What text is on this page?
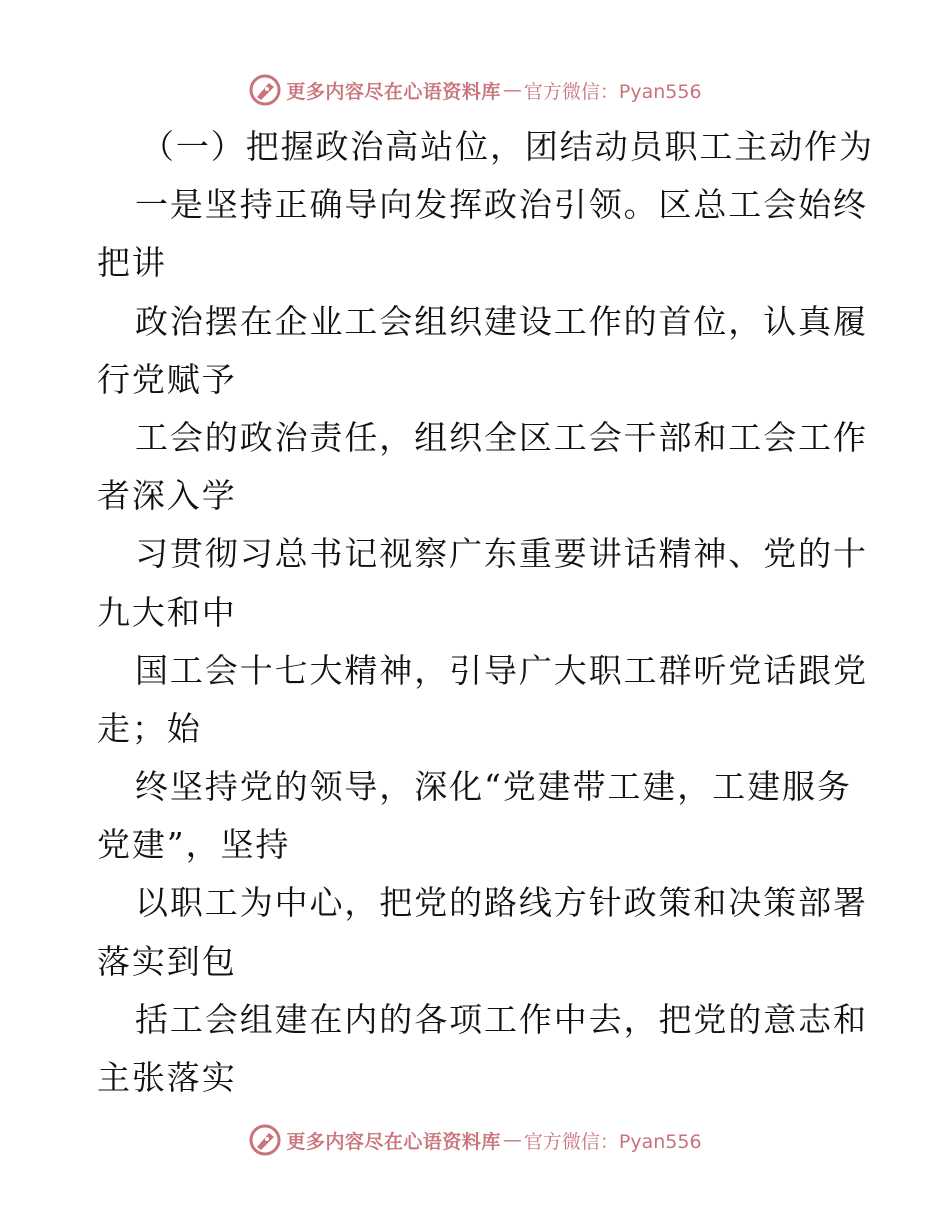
更多内容尽在心语资料库 — 官方微信：Pyan556
（一）把握政治高站位，团结动员职工主动作为
一是坚持正确导向发挥政治引领。区总工会始终
把讲
政治摆在企业工会组织建设工作的首位，认真履
行党赋予
工会的政治责任，组织全区工会干部和工会工作
者深入学
习贯彻习总书记视察广东重要讲话精神、党的十
九大和中
国工会十七大精神，引导广大职工群听党话跟党
走；始
终坚持党的领导，深化“党建带工建，工建服务
党建”，坚持
以职工为中心，把党的路线方针政策和决策部署
落实到包
括工会组建在内的各项工作中去，把党的意志和
主张落实
更多内容尽在心语资料库 — 官方微信：Pyan556
